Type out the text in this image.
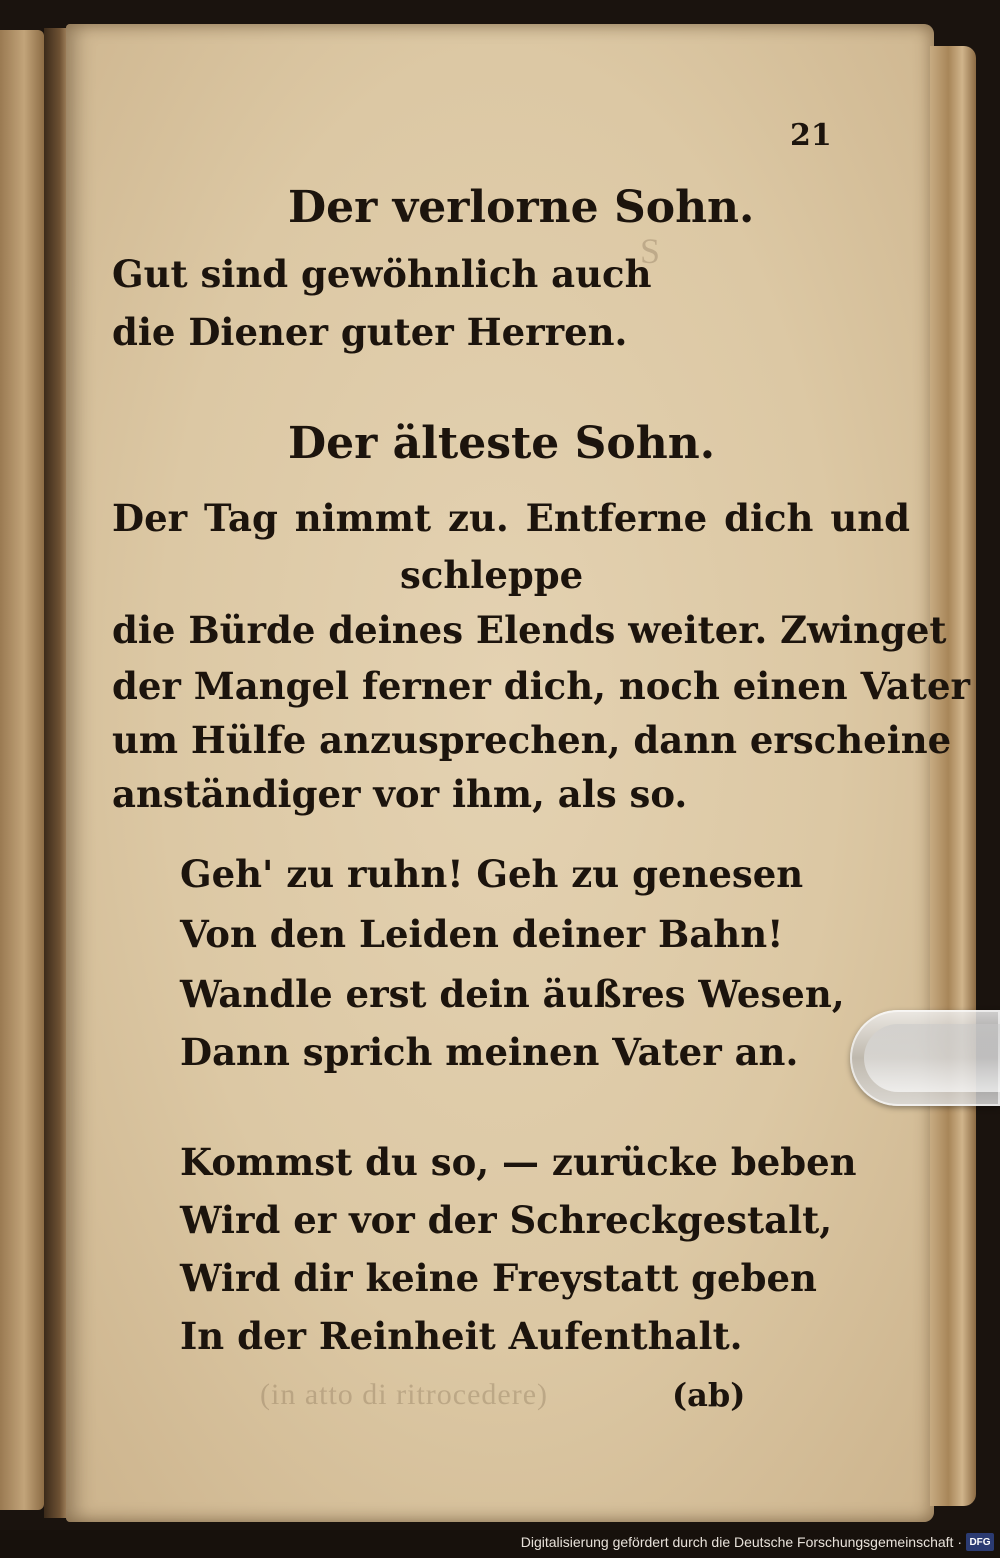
S
(in atto di ritrocedere)
21
Der verlorne Sohn.
Gut sind gewöhnlich auch
die Diener guter Herren.
Der älteste Sohn.
Der Tag nimmt zu. Entferne dich und
schleppe
die Bürde deines Elends weiter. Zwinget
der Mangel ferner dich, noch einen Vater
um Hülfe anzusprechen, dann erscheine
anständiger vor ihm, als so.
Geh' zu ruhn! Geh zu genesen
Von den Leiden deiner Bahn!
Wandle erst dein äußres Wesen,
Dann sprich meinen Vater an.
Kommst du so, — zurücke beben
Wird er vor der Schreckgestalt,
Wird dir keine Freystatt geben
In der Reinheit Aufenthalt.
(ab)
Digitalisierung gefördert durch die Deutsche Forschungsgemeinschaft · DFG
